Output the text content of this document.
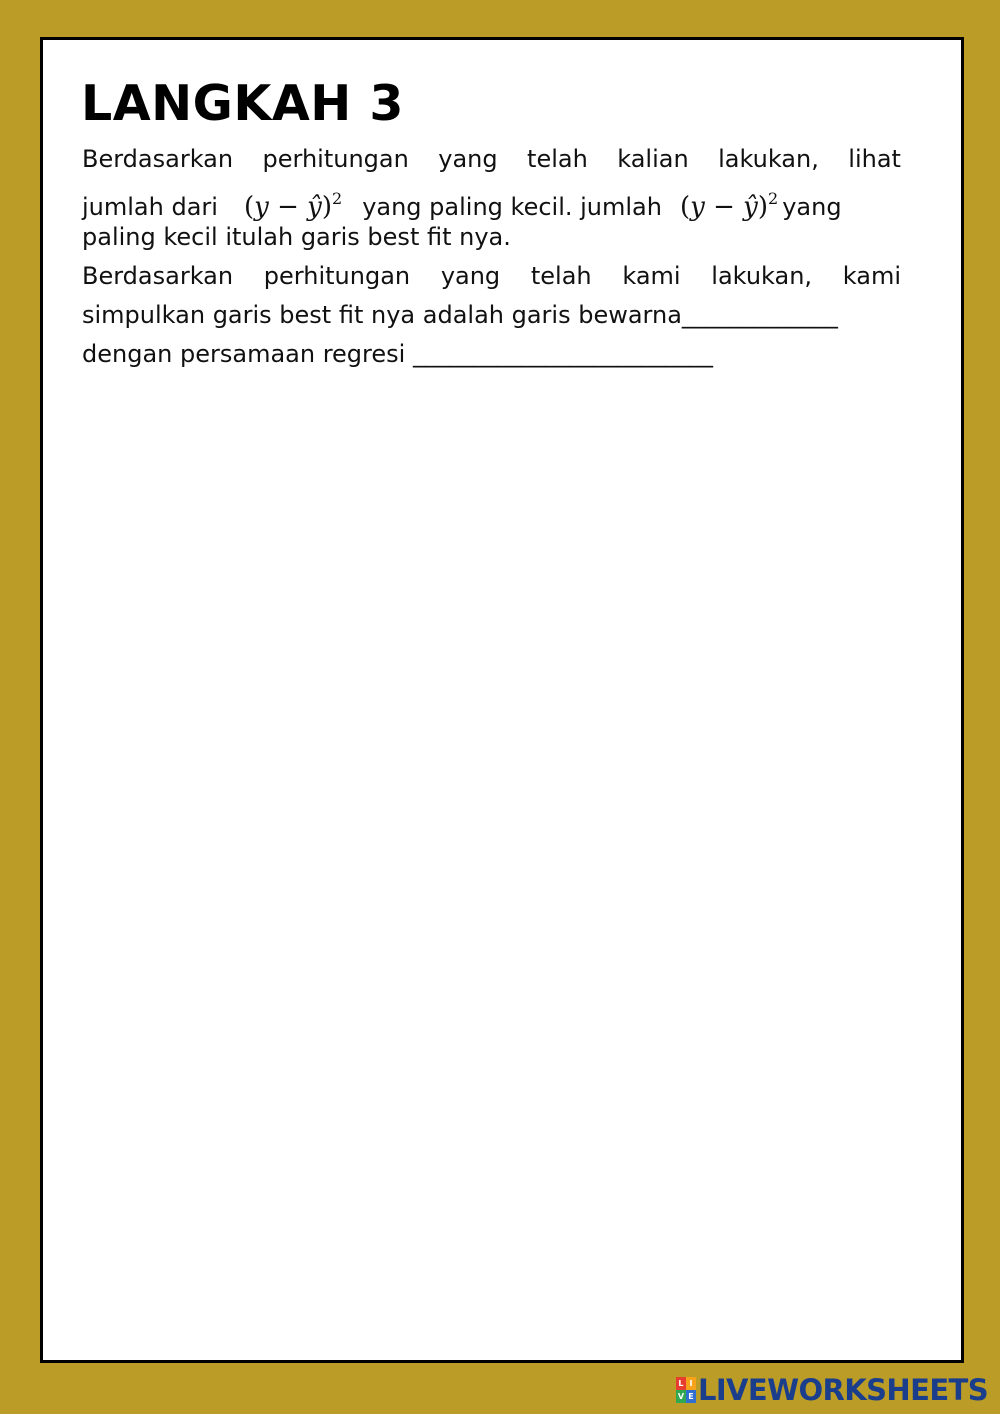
LANGKAH 3
Berdasarkan perhitungan yang telah kalian lakukan, lihat
jumlah dari (y − ŷ)$^2$ yang paling kecil. jumlah (y − ŷ)$^2$ yang
paling kecil itulah garis best fit nya.
Berdasarkan perhitungan yang telah kami lakukan, kami
simpulkan garis best fit nya adalah garis bewarna_____________
dengan persamaan regresi _________________________
L I
V E LIVEWORKSHEETS
